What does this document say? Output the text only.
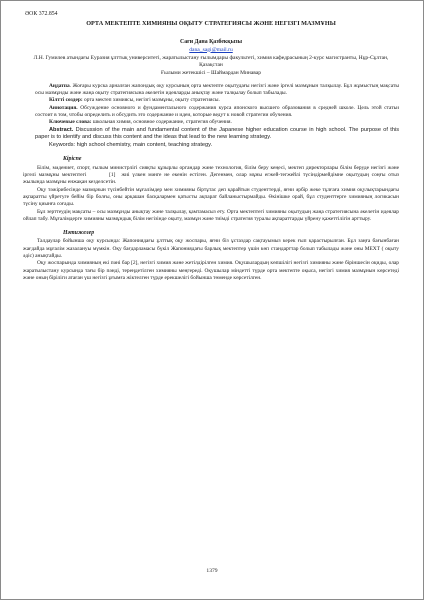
ӘОК 372.854
ОРТА МЕКТЕПТЕ ХИМИЯНЫ ОҚЫТУ СТРАТЕГИЯСЫ ЖӘНЕ НЕГІЗГІ МАЗМҰНЫ
Сағи Дана Қазбекқызы
dana_sagi@mail.ru
Л.Н. Гумилев атындағы Еуразия ұлттық университеті, жаратылыстану ғылымдары факультеті, химия кафедрасының 2-курс магистранты, Нұр-Сұлтан, Қазақстан
Ғылыми жетекшісі – Шаймардан Минавар

Аңдатпа. Жоғары курска арналған жапондық оқу курсының орта мектепте оқытудағы негізгі және іргелі мазмұнын талқылау. Бұл жұмыстың мақсаты осы мазмұнды және жаңа оқыту стратегиясына әкелетін идеяларды анықтау және талқылау болып табылады.

Кілтті сөздер: орта мектеп химиясы, негізгі мазмұны, оқыту стратегиясы.

Аннотация. Обсуждение основного и фундаментального содержания курса японского высшего образования в средней школе. Цель этой статьи состоит в том, чтобы определить и обсудить это содержание и идеи, которые ведут к новой стратегии обучения.

Ключевые слова: школьная химия, основное содержание, стратегия обучения.

Abstract. Discussion of the main and fundamental content of the Japanese higher education course in high school. The purpose of this paper is to identify and discuss this content and the ideas that lead to the new learning strategy.

Keywords: high school chemistry, main content, teaching strategy.

Кіріспе

Білім, мәдениет, спорт, ғылым министрлігі сияқты құзырлы органдар және технология, білім беру кеңесі, мектеп директорлары білім беруде негізгі және іргелі мазмұны мектептегі	[1] жиі үлкен мәнге не екенін естіген. Дегенмен, олар мұны егжей-тегжейлі түсіндірмейдімне оқытудың соңғы отыз жылында мазмұны енжақан кезделсетін.

Оқу тәжірибесінде мазмұнын түсінбейтін мұғалімдер мен химияны біртұтас деп қарайтын студенттерді, яғни әрбір жеке тұлғаға химия оқулықтарындағы ақпаратты үйретуге бейім бір болғы, оны арқашан басқалармен қатысты ақпарат байланыстырмайды. Өкінішке орай, бұл студенттерге химияның логикасын түсіну қиынға соғады.

Бұл зерттеудің мақсаты – осы мазмұнды анықтау және талқылау, қамтамасыз ету. Орта мектептегі химияны оқытудың жаңа стратегиясына әкелетін идеялар ойлап табу. Мұғалімдерге химияны мазмұндық білім негізінде оқыту, мазмұн және тиімді стратегия туралы ақпараттарды үйрену қажеттілігін арттыру.

Нәтижелер

Талдаулар бойынша оқу курсында: Жапониядағы ұлттық оқу жоспары, яғни біз ұстаздар сақтауымыз керек ғып қарастырылған. Бұл заңға бағынбаған жағдайда мұғалім жазалануы мүмкін. Оқу бағдарламасы бүкіл Жапониядағы барлық мектептер үшін көп стандарттар болып табылады және оны MEXT ( оқыту әдіс) анықтайды.

Оқу жоспарында химияның екі пәні бар [2], негізгі химия және жетілдірілген химия. Оқушылардың көпшілігі негізгі химияны және біріншесін оқиды, олар жаратылыстану курсында тағы бір пәнді, тереңдетілген химияны меңгереді. Оқушылар міндетті түрде орта мектепте оқыса, негізгі химия мазмұнын көрсетеді және оның біріліги атаған үш негізгі ұғымға жіктелген түрде ерекшелігі бойынша төменде көрсетілген.

1379
